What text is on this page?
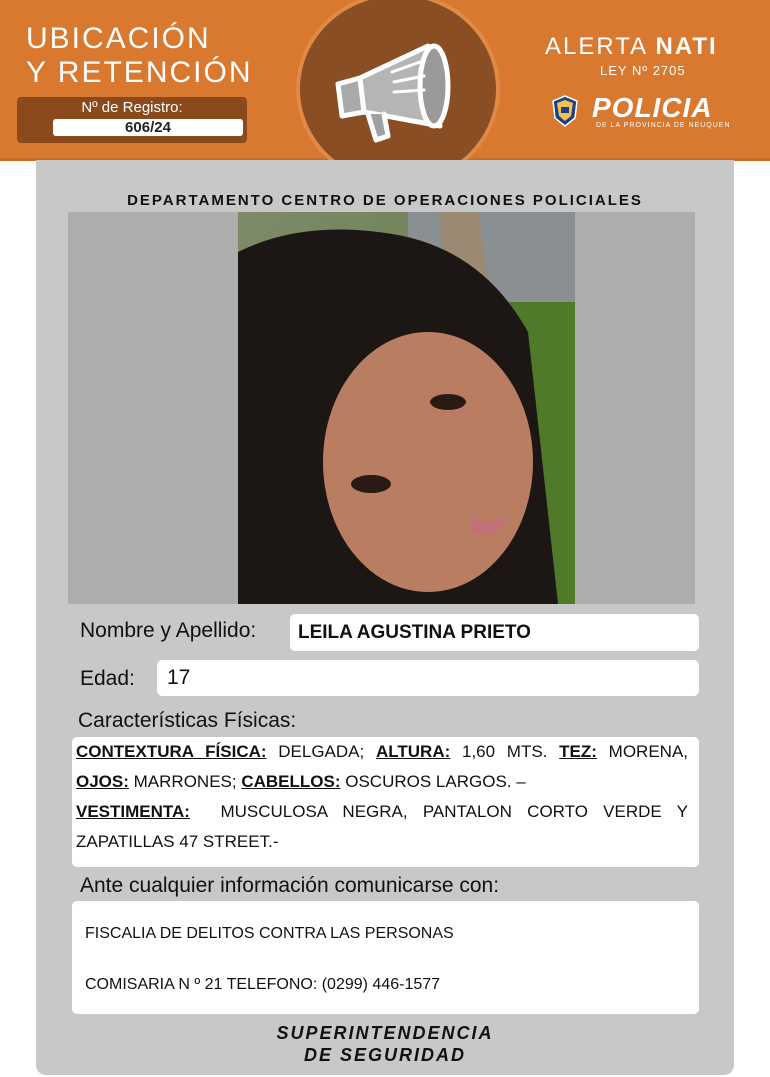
UBICACIÓN
Y RETENCIÓN
Nº de Registro:
606/24
ALERTA NATI
LEY Nº 2705
POLICIA
DE LA PROVINCIA DE NEUQUEN
DEPARTAMENTO CENTRO DE OPERACIONES POLICIALES
Nombre y Apellido: LEILA AGUSTINA PRIETO
Edad: 17
Características Físicas:
CONTEXTURA FÍSICA: DELGADA; ALTURA: 1,60 MTS. TEZ: MORENA,
OJOS: MARRONES; CABELLOS: OSCUROS LARGOS. –
VESTIMENTA: MUSCULOSA NEGRA, PANTALON CORTO VERDE Y
ZAPATILLAS 47 STREET.-
Ante cualquier información comunicarse con:
FISCALIA DE DELITOS CONTRA LAS PERSONAS
COMISARIA N º 21 TELEFONO: (0299) 446-1577
SUPERINTENDENCIA
DE SEGURIDAD
